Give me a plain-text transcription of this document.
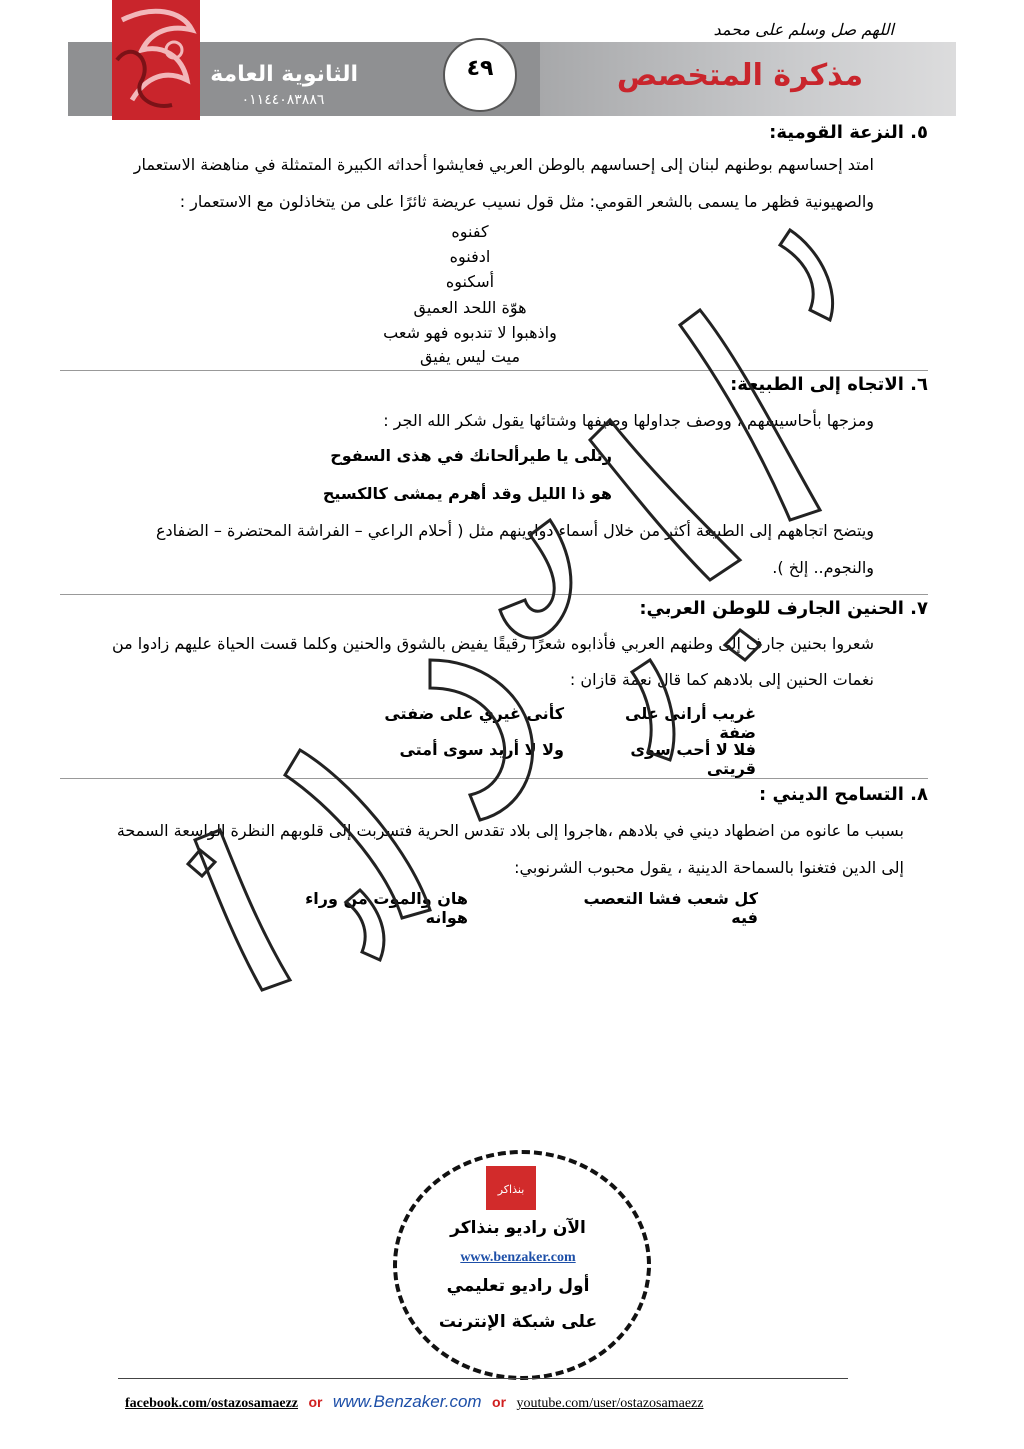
اللهم صل وسلم على محمد
الثانوية العامة
٠١١٤٤٠٨٣٨٨٦
٤٩	مذكرة المتخصص
٥. النزعة القومية:
امتد إحساسهم بوطنهم لبنان إلى إحساسهم بالوطن العربي فعايشوا أحداثه الكبيرة المتمثلة في مناهضة الاستعمار
والصهيونية فظهر ما يسمى بالشعر القومي: مثل قول نسيب عريضة ثائرًا على من يتخاذلون مع الاستعمار :
كفنوه
ادفنوه
أسكنوه
هوّة اللحد العميق
واذهبوا لا تندبوه فهو شعب
ميت ليس يفيق
٦. الاتجاه إلى الطبيعة:
ومزجها بأحاسيسهم ، ووصف جداولها وصيفها وشتائها يقول شكر الله الجر :
رتلى يا طيرألحانك في هذى السفوح
هو ذا الليل وقد أهرم يمشى كالكسيح
ويتضح اتجاههم إلى الطبيعة أكثر من خلال أسماء دواوينهم مثل ( أحلام الراعي – الفراشة المحتضرة – الضفادع
والنجوم.. إلخ ).
٧. الحنين الجارف للوطن العربي:
شعروا بحنين جارف إلى وطنهم العربي فأذابوه شعرًا رقيقًا يفيض بالشوق والحنين وكلما قست الحياة عليهم زادوا من
نغمات الحنين إلى بلادهم كما قال نعمة قازان :
غريب أرانى على ضفة
كأنى غيري على ضفتى
فلا لا أحب سوى قريتى
ولا لا أريد سوى أمتى
٨. التسامح الديني :
بسبب ما عانوه من اضطهاد ديني في بلادهم ،هاجروا إلى بلاد تقدس الحرية فتسربت إلى قلوبهم النظرة الواسعة السمحة
إلى الدين فتغنوا بالسماحة الدينية ، يقول محبوب الشرنوبي:
كل شعب فشا التعصب فيه
هان والموت من وراء هوانه
بنذاكر
الآن راديو بنذاكر
www.benzaker.com
أول راديو تعليمي
على شبكة الإنترنت
facebook.com/ostazosamaezz or www.Benzaker.com or youtube.com/user/ostazosamaezz
